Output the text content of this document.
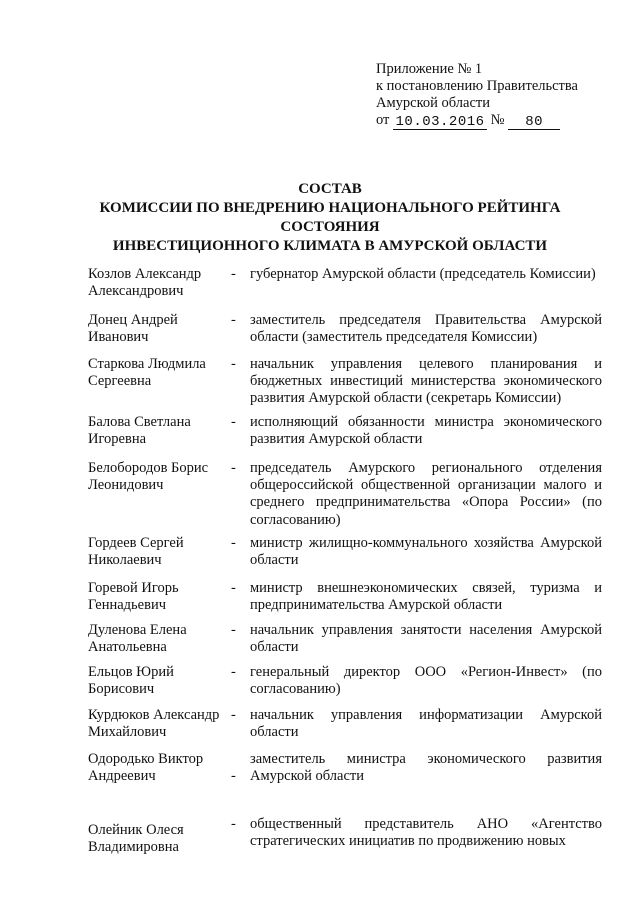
Приложение № 1
к постановлению Правительства
Амурской области
от 10.03.2016 № 80
СОСТАВ
КОМИССИИ ПО ВНЕДРЕНИЮ НАЦИОНАЛЬНОГО РЕЙТИНГА
СОСТОЯНИЯ
ИНВЕСТИЦИОННОГО КЛИМАТА В АМУРСКОЙ ОБЛАСТИ
Козлов Александр
Александрович
- губернатор Амурской области (председатель Комиссии)
Донец Андрей
Иванович
- заместитель председателя Правительства Амурской области (заместитель председателя Комиссии)
Старкова Людмила
Сергеевна
- начальник управления целевого планирования и бюджетных инвестиций министерства экономического развития Амурской области (секретарь Комиссии)
Балова Светлана
Игоревна
- исполняющий обязанности министра экономического развития Амурской области
Белобородов Борис
Леонидович
- председатель Амурского регионального отделения общероссийской общественной организации малого и среднего предпринимательства «Опора России» (по согласованию)
Гордеев Сергей
Николаевич
- министр жилищно-коммунального хозяйства Амурской области
Горевой Игорь
Геннадьевич
- министр внешнеэкономических связей, туризма и предпринимательства Амурской области
Дуленова Елена
Анатольевна
- начальник управления занятости населения Амурской области
Ельцов Юрий
Борисович
- генеральный директор ООО «Регион-Инвест» (по согласованию)
Курдюков Александр
Михайлович
- начальник управления информатизации Амурской области
Одородько Виктор
Андреевич	-
заместитель министра экономического развития Амурской области
Олейник Олеся
Владимировна
- общественный представитель АНО «Агентство стратегических инициатив по продвижению новых
